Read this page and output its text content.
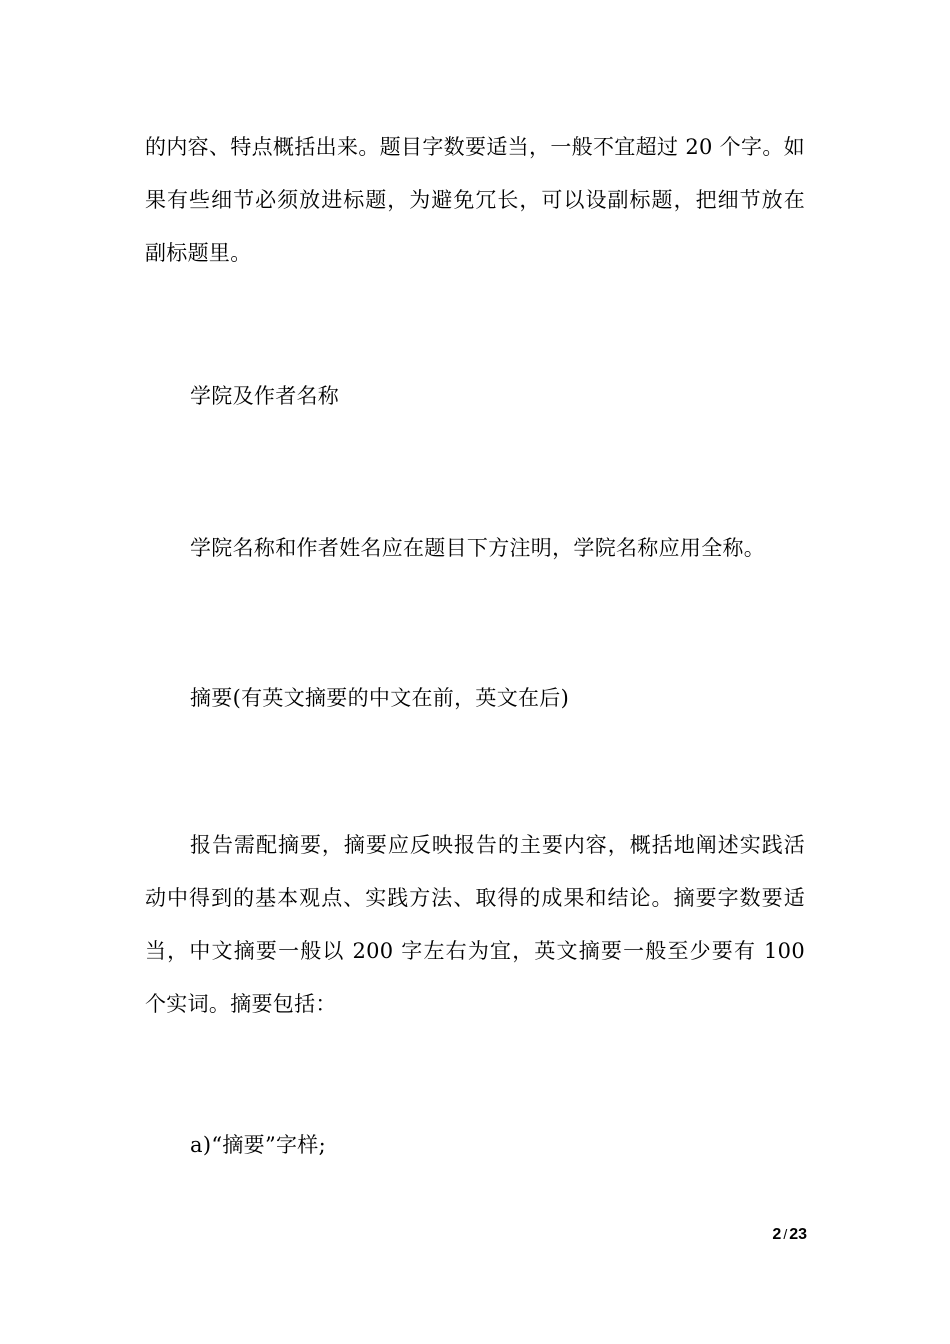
的内容、特点概括出来。题目字数要适当，一般不宜超过 20 个字。如果有些细节必须放进标题，为避免冗长，可以设副标题，把细节放在副标题里。

学院及作者名称

学院名称和作者姓名应在题目下方注明，学院名称应用全称。

摘要(有英文摘要的中文在前，英文在后)

报告需配摘要，摘要应反映报告的主要内容，概括地阐述实践活动中得到的基本观点、实践方法、取得的成果和结论。摘要字数要适当，中文摘要一般以 200 字左右为宜，英文摘要一般至少要有 100 个实词。摘要包括：

a)“摘要”字样;

2 / 23
